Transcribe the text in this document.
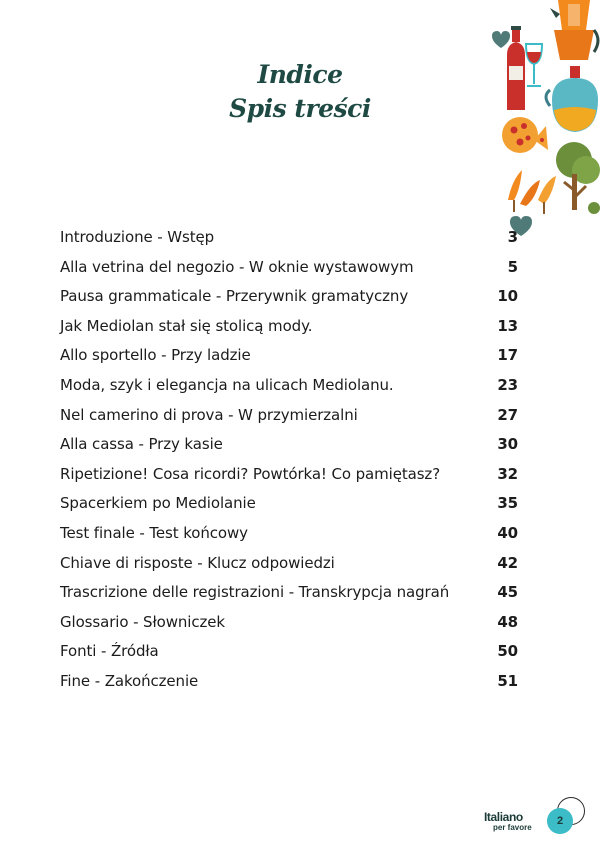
Indice
Spis treści
Introduzione - Wstęp	3
Alla vetrina del negozio - W oknie wystawowym	5
Pausa grammaticale - Przerywnik gramatyczny	10
Jak Mediolan stał się stolicą mody.	13
Allo sportello - Przy ladzie	17
Moda, szyk i elegancja na ulicach Mediolanu.	23
Nel camerino di prova - W przymierzalni	27
Alla cassa - Przy kasie	30
Ripetizione! Cosa ricordi? Powtórka! Co pamiętasz?	32
Spacerkiem po Mediolanie	35
Test finale - Test końcowy	40
Chiave di risposte - Klucz odpowiedzi	42
Trascrizione delle registrazioni - Transkrypcja nagrań	45
Glossario - Słowniczek	48
Fonti - Źródła	50
Fine - Zakończenie	51
Italiano
per favore
2
